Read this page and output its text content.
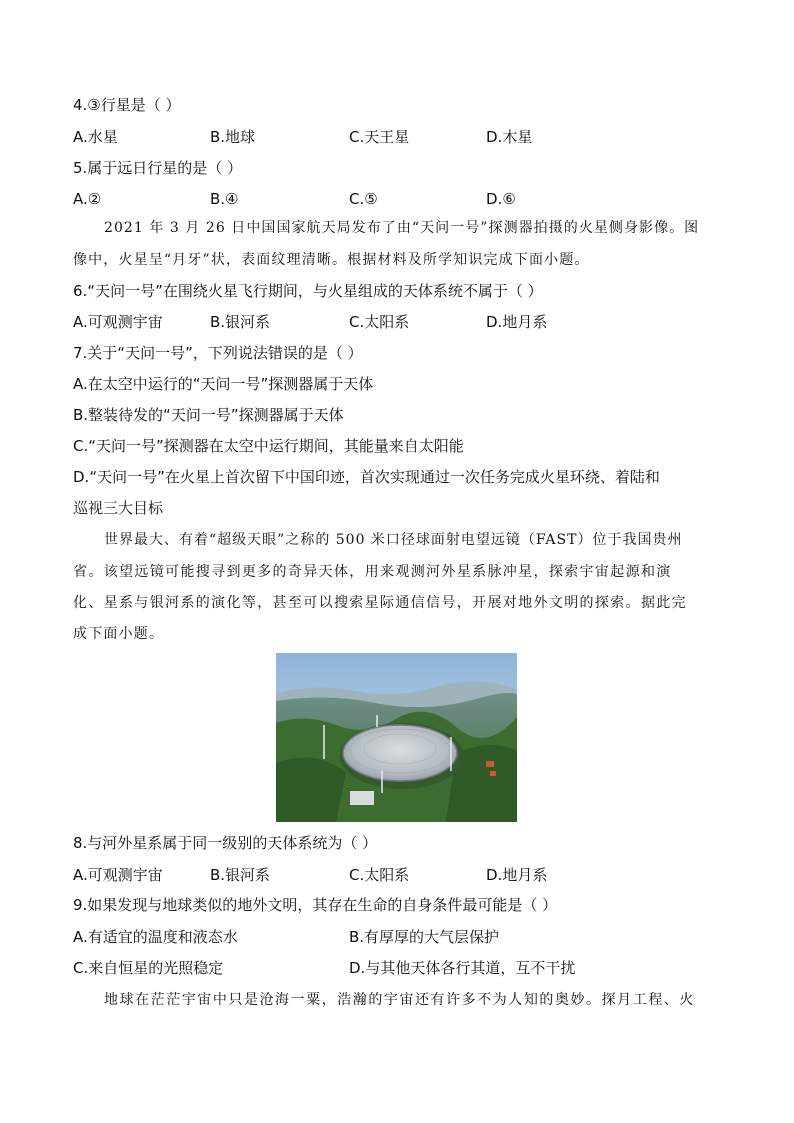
4.③行星是（ ）
A.水星	B.地球	C.天王星	D.木星
5.属于远日行星的是（ ）
A.②	B.④	C.⑤	D.⑥
2021 年 3 月 26 日中国国家航天局发布了由“天问一号”探测器拍摄的火星侧身影像。图
像中，火星呈“月牙”状，表面纹理清晰。根据材料及所学知识完成下面小题。
6.“天问一号”在围绕火星飞行期间，与火星组成的天体系统不属于（ ）
A.可观测宇宙	B.银河系	C.太阳系	D.地月系
7.关于“天问一号”，下列说法错误的是（ ）
A.在太空中运行的“天问一号”探测器属于天体
B.整装待发的“天问一号”探测器属于天体
C.“天问一号”探测器在太空中运行期间，其能量来自太阳能
D.“天问一号”在火星上首次留下中国印迹，首次实现通过一次任务完成火星环绕、着陆和
巡视三大目标
世界最大、有着“超级天眼”之称的 500 米口径球面射电望远镜（FAST）位于我国贵州
省。该望远镜可能搜寻到更多的奇异天体，用来观测河外星系脉冲星，探索宇宙起源和演
化、星系与银河系的演化等，甚至可以搜索星际通信信号，开展对地外文明的探索。据此完
成下面小题。
8.与河外星系属于同一级别的天体系统为（ ）
A.可观测宇宙	B.银河系	C.太阳系	D.地月系
9.如果发现与地球类似的地外文明，其存在生命的自身条件最可能是（ ）
A.有适宜的温度和液态水	B.有厚厚的大气层保护
C.来自恒星的光照稳定	D.与其他天体各行其道，互不干扰
地球在茫茫宇宙中只是沧海一粟，浩瀚的宇宙还有许多不为人知的奥妙。探月工程、火
